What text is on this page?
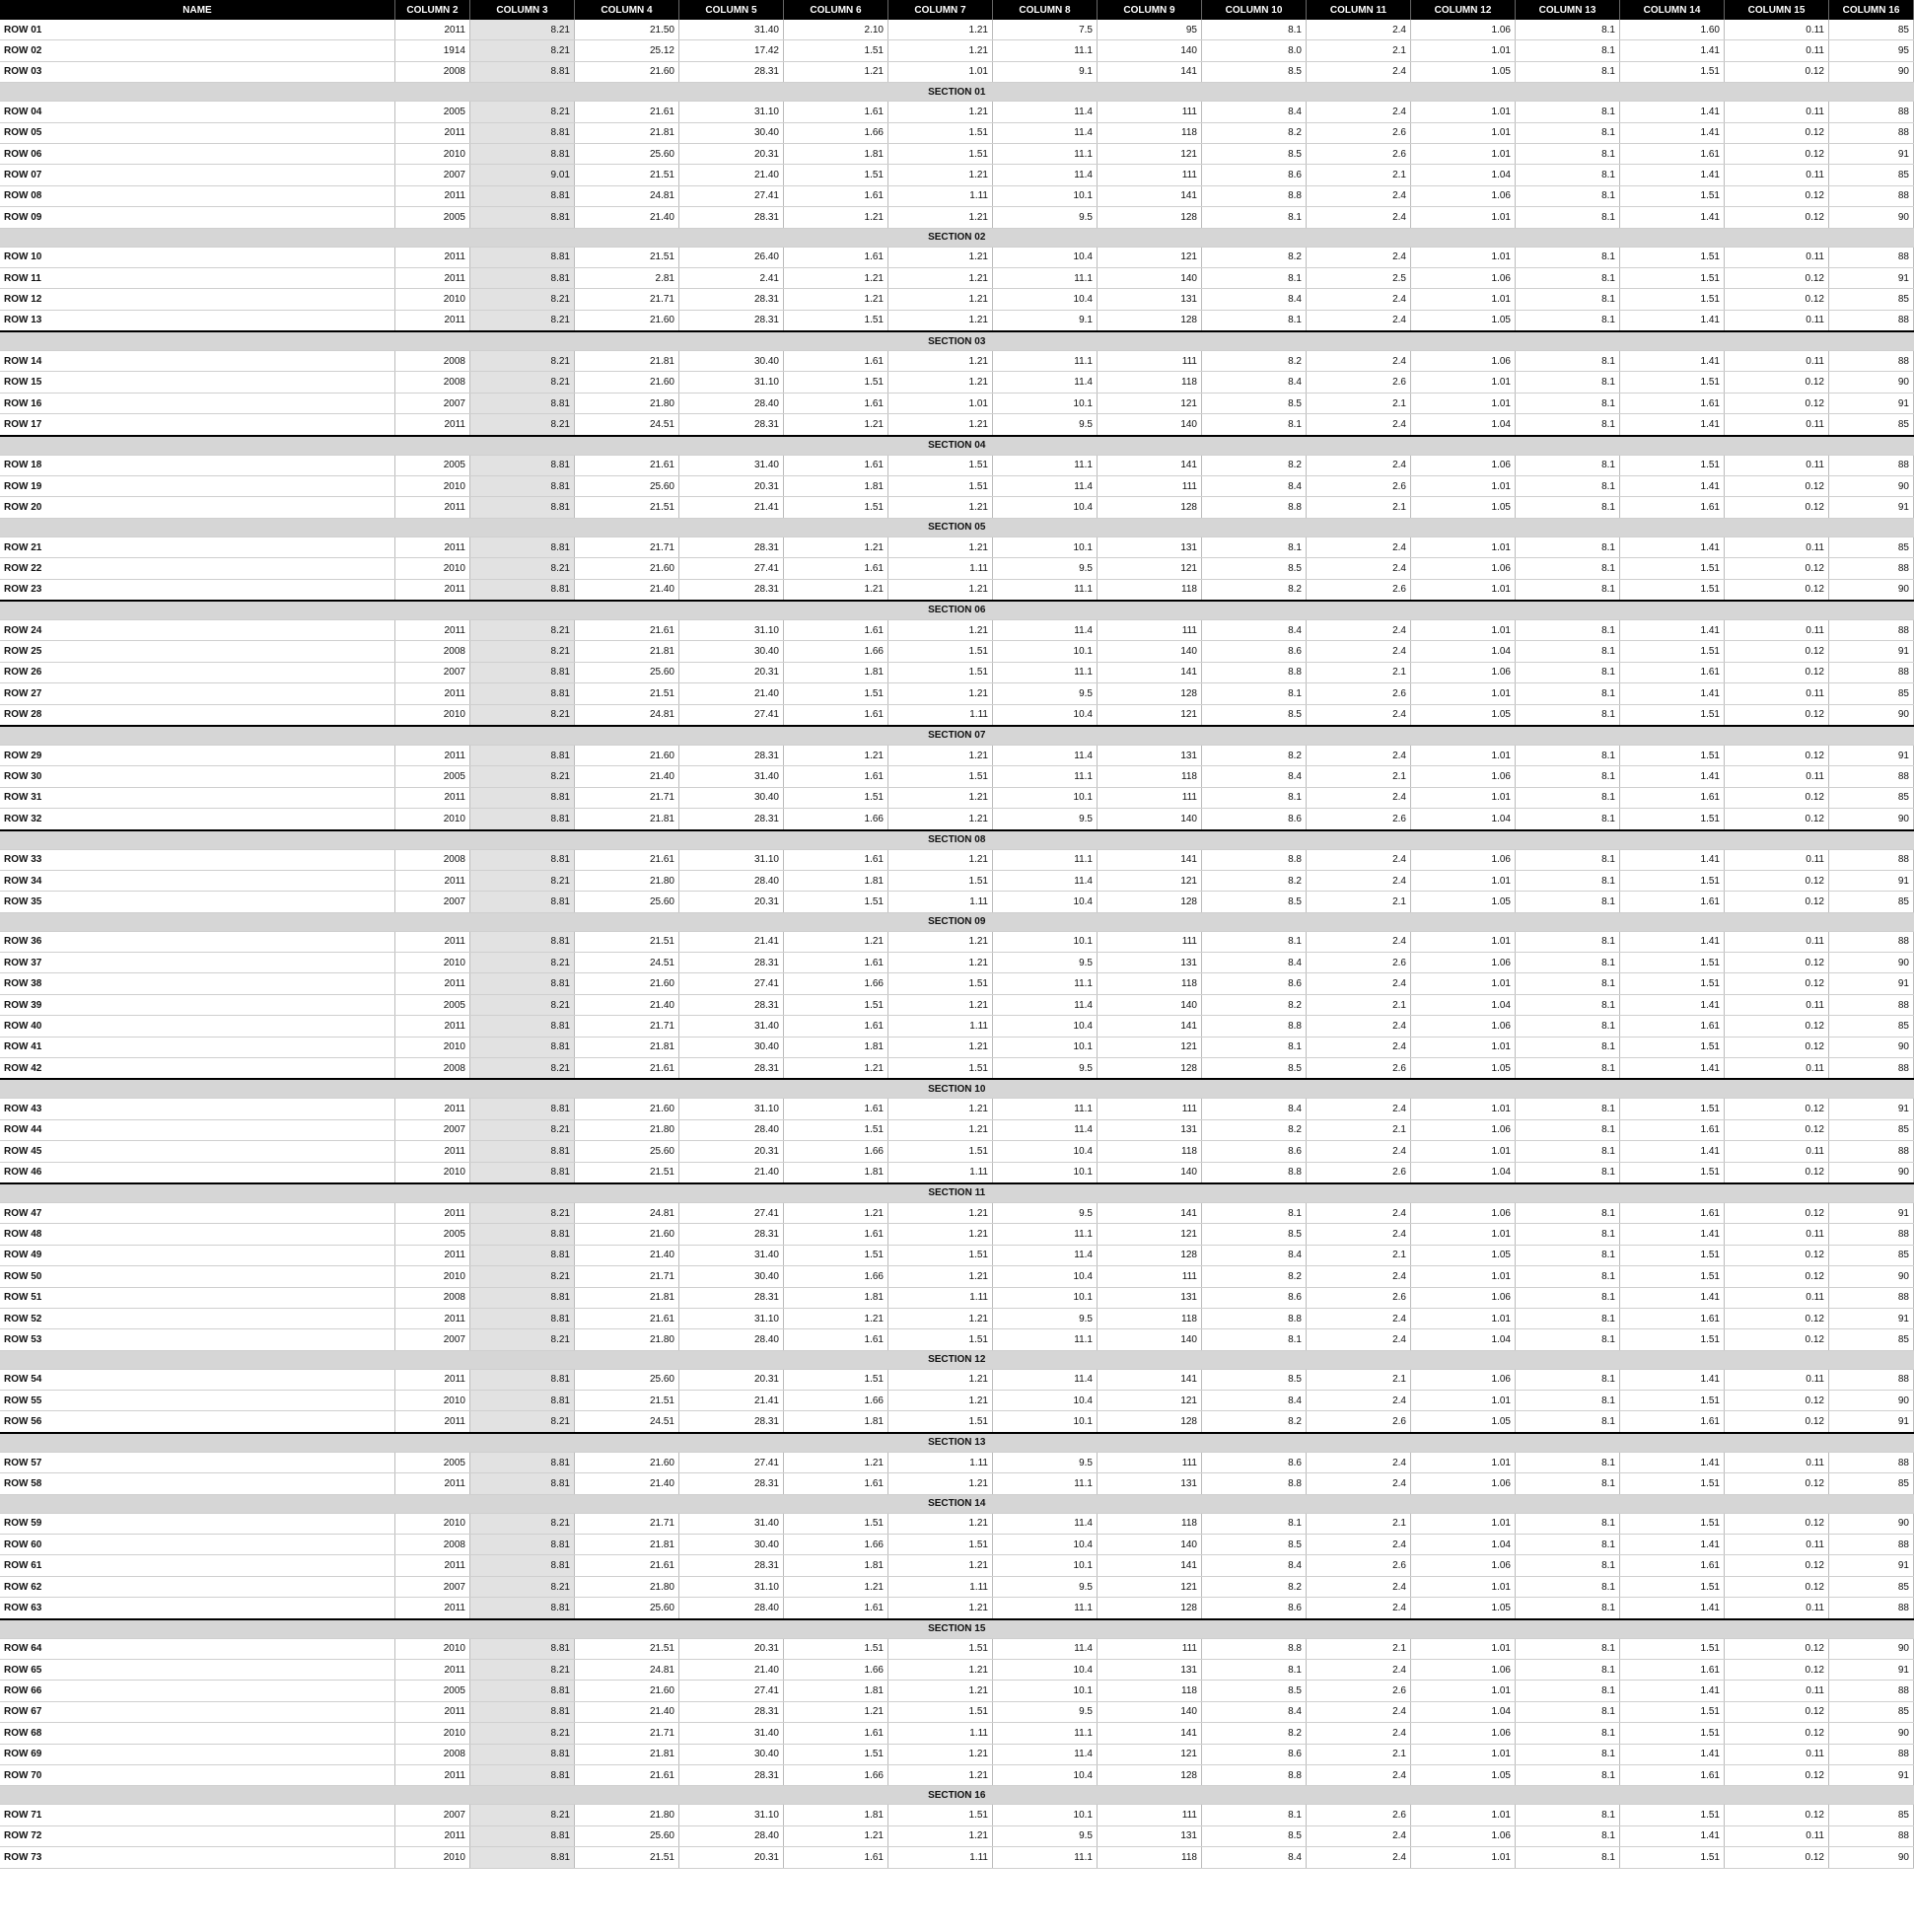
NAME	COLUMN 2	COLUMN 3	COLUMN 4	COLUMN 5	COLUMN 6	COLUMN 7	COLUMN 8	COLUMN 9	COLUMN 10	COLUMN 11	COLUMN 12	COLUMN 13	COLUMN 14	COLUMN 15	COLUMN 16
ROW 01	2011	8.21	21.50	31.40	2.10	1.21	7.5	95	8.1	2.4	1.06	8.1	1.60	0.11	85
ROW 02	1914	8.21	25.12	17.42	1.51	1.21	11.1	140	8.0	2.1	1.01	8.1	1.41	0.11	95
ROW 03	2008	8.81	21.60	28.31	1.21	1.01	9.1	141	8.5	2.4	1.05	8.1	1.51	0.12	90
SECTION 01															
ROW 04	2005	8.21	21.61	31.10	1.61	1.21	11.4	111	8.4	2.4	1.01	8.1	1.41	0.11	88
ROW 05	2011	8.81	21.81	30.40	1.66	1.51	11.4	118	8.2	2.6	1.01	8.1	1.41	0.12	88
ROW 06	2010	8.81	25.60	20.31	1.81	1.51	11.1	121	8.5	2.6	1.01	8.1	1.61	0.12	91
ROW 07	2007	9.01	21.51	21.40	1.51	1.21	11.4	111	8.6	2.1	1.04	8.1	1.41	0.11	85
ROW 08	2011	8.81	24.81	27.41	1.61	1.11	10.1	141	8.8	2.4	1.06	8.1	1.51	0.12	88
ROW 09	2005	8.81	21.40	28.31	1.21	1.21	9.5	128	8.1	2.4	1.01	8.1	1.41	0.12	90
SECTION 02															
ROW 10	2011	8.81	21.51	26.40	1.61	1.21	10.4	121	8.2	2.4	1.01	8.1	1.51	0.11	88
ROW 11	2011	8.81	2.81	2.41	1.21	1.21	11.1	140	8.1	2.5	1.06	8.1	1.51	0.12	91
ROW 12	2010	8.21	21.71	28.31	1.21	1.21	10.4	131	8.4	2.4	1.01	8.1	1.51	0.12	85
ROW 13	2011	8.21	21.60	28.31	1.51	1.21	9.1	128	8.1	2.4	1.05	8.1	1.41	0.11	88
SECTION 03															
ROW 14	2008	8.21	21.81	30.40	1.61	1.21	11.1	111	8.2	2.4	1.06	8.1	1.41	0.11	88
ROW 15	2008	8.21	21.60	31.10	1.51	1.21	11.4	118	8.4	2.6	1.01	8.1	1.51	0.12	90
ROW 16	2007	8.81	21.80	28.40	1.61	1.01	10.1	121	8.5	2.1	1.01	8.1	1.61	0.12	91
ROW 17	2011	8.21	24.51	28.31	1.21	1.21	9.5	140	8.1	2.4	1.04	8.1	1.41	0.11	85
SECTION 04															
ROW 18	2005	8.81	21.61	31.40	1.61	1.51	11.1	141	8.2	2.4	1.06	8.1	1.51	0.11	88
ROW 19	2010	8.81	25.60	20.31	1.81	1.51	11.4	111	8.4	2.6	1.01	8.1	1.41	0.12	90
ROW 20	2011	8.81	21.51	21.41	1.51	1.21	10.4	128	8.8	2.1	1.05	8.1	1.61	0.12	91
SECTION 05															
ROW 21	2011	8.81	21.71	28.31	1.21	1.21	10.1	131	8.1	2.4	1.01	8.1	1.41	0.11	85
ROW 22	2010	8.21	21.60	27.41	1.61	1.11	9.5	121	8.5	2.4	1.06	8.1	1.51	0.12	88
ROW 23	2011	8.81	21.40	28.31	1.21	1.21	11.1	118	8.2	2.6	1.01	8.1	1.51	0.12	90
SECTION 06															
ROW 24	2011	8.21	21.61	31.10	1.61	1.21	11.4	111	8.4	2.4	1.01	8.1	1.41	0.11	88
ROW 25	2008	8.21	21.81	30.40	1.66	1.51	10.1	140	8.6	2.4	1.04	8.1	1.51	0.12	91
ROW 26	2007	8.81	25.60	20.31	1.81	1.51	11.1	141	8.8	2.1	1.06	8.1	1.61	0.12	88
ROW 27	2011	8.81	21.51	21.40	1.51	1.21	9.5	128	8.1	2.6	1.01	8.1	1.41	0.11	85
ROW 28	2010	8.21	24.81	27.41	1.61	1.11	10.4	121	8.5	2.4	1.05	8.1	1.51	0.12	90
SECTION 07															
ROW 29	2011	8.81	21.60	28.31	1.21	1.21	11.4	131	8.2	2.4	1.01	8.1	1.51	0.12	91
ROW 30	2005	8.21	21.40	31.40	1.61	1.51	11.1	118	8.4	2.1	1.06	8.1	1.41	0.11	88
ROW 31	2011	8.81	21.71	30.40	1.51	1.21	10.1	111	8.1	2.4	1.01	8.1	1.61	0.12	85
ROW 32	2010	8.81	21.81	28.31	1.66	1.21	9.5	140	8.6	2.6	1.04	8.1	1.51	0.12	90
SECTION 08															
ROW 33	2008	8.81	21.61	31.10	1.61	1.21	11.1	141	8.8	2.4	1.06	8.1	1.41	0.11	88
ROW 34	2011	8.21	21.80	28.40	1.81	1.51	11.4	121	8.2	2.4	1.01	8.1	1.51	0.12	91
ROW 35	2007	8.81	25.60	20.31	1.51	1.11	10.4	128	8.5	2.1	1.05	8.1	1.61	0.12	85
SECTION 09															
ROW 36	2011	8.81	21.51	21.41	1.21	1.21	10.1	111	8.1	2.4	1.01	8.1	1.41	0.11	88
ROW 37	2010	8.21	24.51	28.31	1.61	1.21	9.5	131	8.4	2.6	1.06	8.1	1.51	0.12	90
ROW 38	2011	8.81	21.60	27.41	1.66	1.51	11.1	118	8.6	2.4	1.01	8.1	1.51	0.12	91
ROW 39	2005	8.21	21.40	28.31	1.51	1.21	11.4	140	8.2	2.1	1.04	8.1	1.41	0.11	88
ROW 40	2011	8.81	21.71	31.40	1.61	1.11	10.4	141	8.8	2.4	1.06	8.1	1.61	0.12	85
ROW 41	2010	8.81	21.81	30.40	1.81	1.21	10.1	121	8.1	2.4	1.01	8.1	1.51	0.12	90
ROW 42	2008	8.21	21.61	28.31	1.21	1.51	9.5	128	8.5	2.6	1.05	8.1	1.41	0.11	88
SECTION 10															
ROW 43	2011	8.81	21.60	31.10	1.61	1.21	11.1	111	8.4	2.4	1.01	8.1	1.51	0.12	91
ROW 44	2007	8.21	21.80	28.40	1.51	1.21	11.4	131	8.2	2.1	1.06	8.1	1.61	0.12	85
ROW 45	2011	8.81	25.60	20.31	1.66	1.51	10.4	118	8.6	2.4	1.01	8.1	1.41	0.11	88
ROW 46	2010	8.81	21.51	21.40	1.81	1.11	10.1	140	8.8	2.6	1.04	8.1	1.51	0.12	90
SECTION 11															
ROW 47	2011	8.21	24.81	27.41	1.21	1.21	9.5	141	8.1	2.4	1.06	8.1	1.61	0.12	91
ROW 48	2005	8.81	21.60	28.31	1.61	1.21	11.1	121	8.5	2.4	1.01	8.1	1.41	0.11	88
ROW 49	2011	8.81	21.40	31.40	1.51	1.51	11.4	128	8.4	2.1	1.05	8.1	1.51	0.12	85
ROW 50	2010	8.21	21.71	30.40	1.66	1.21	10.4	111	8.2	2.4	1.01	8.1	1.51	0.12	90
ROW 51	2008	8.81	21.81	28.31	1.81	1.11	10.1	131	8.6	2.6	1.06	8.1	1.41	0.11	88
ROW 52	2011	8.81	21.61	31.10	1.21	1.21	9.5	118	8.8	2.4	1.01	8.1	1.61	0.12	91
ROW 53	2007	8.21	21.80	28.40	1.61	1.51	11.1	140	8.1	2.4	1.04	8.1	1.51	0.12	85
SECTION 12															
ROW 54	2011	8.81	25.60	20.31	1.51	1.21	11.4	141	8.5	2.1	1.06	8.1	1.41	0.11	88
ROW 55	2010	8.81	21.51	21.41	1.66	1.21	10.4	121	8.4	2.4	1.01	8.1	1.51	0.12	90
ROW 56	2011	8.21	24.51	28.31	1.81	1.51	10.1	128	8.2	2.6	1.05	8.1	1.61	0.12	91
SECTION 13															
ROW 57	2005	8.81	21.60	27.41	1.21	1.11	9.5	111	8.6	2.4	1.01	8.1	1.41	0.11	88
ROW 58	2011	8.81	21.40	28.31	1.61	1.21	11.1	131	8.8	2.4	1.06	8.1	1.51	0.12	85
SECTION 14															
ROW 59	2010	8.21	21.71	31.40	1.51	1.21	11.4	118	8.1	2.1	1.01	8.1	1.51	0.12	90
ROW 60	2008	8.81	21.81	30.40	1.66	1.51	10.4	140	8.5	2.4	1.04	8.1	1.41	0.11	88
ROW 61	2011	8.81	21.61	28.31	1.81	1.21	10.1	141	8.4	2.6	1.06	8.1	1.61	0.12	91
ROW 62	2007	8.21	21.80	31.10	1.21	1.11	9.5	121	8.2	2.4	1.01	8.1	1.51	0.12	85
ROW 63	2011	8.81	25.60	28.40	1.61	1.21	11.1	128	8.6	2.4	1.05	8.1	1.41	0.11	88
SECTION 15															
ROW 64	2010	8.81	21.51	20.31	1.51	1.51	11.4	111	8.8	2.1	1.01	8.1	1.51	0.12	90
ROW 65	2011	8.21	24.81	21.40	1.66	1.21	10.4	131	8.1	2.4	1.06	8.1	1.61	0.12	91
ROW 66	2005	8.81	21.60	27.41	1.81	1.21	10.1	118	8.5	2.6	1.01	8.1	1.41	0.11	88
ROW 67	2011	8.81	21.40	28.31	1.21	1.51	9.5	140	8.4	2.4	1.04	8.1	1.51	0.12	85
ROW 68	2010	8.21	21.71	31.40	1.61	1.11	11.1	141	8.2	2.4	1.06	8.1	1.51	0.12	90
ROW 69	2008	8.81	21.81	30.40	1.51	1.21	11.4	121	8.6	2.1	1.01	8.1	1.41	0.11	88
ROW 70	2011	8.81	21.61	28.31	1.66	1.21	10.4	128	8.8	2.4	1.05	8.1	1.61	0.12	91
SECTION 16															
ROW 71	2007	8.21	21.80	31.10	1.81	1.51	10.1	111	8.1	2.6	1.01	8.1	1.51	0.12	85
ROW 72	2011	8.81	25.60	28.40	1.21	1.21	9.5	131	8.5	2.4	1.06	8.1	1.41	0.11	88
ROW 73	2010	8.81	21.51	20.31	1.61	1.11	11.1	118	8.4	2.4	1.01	8.1	1.51	0.12	90
